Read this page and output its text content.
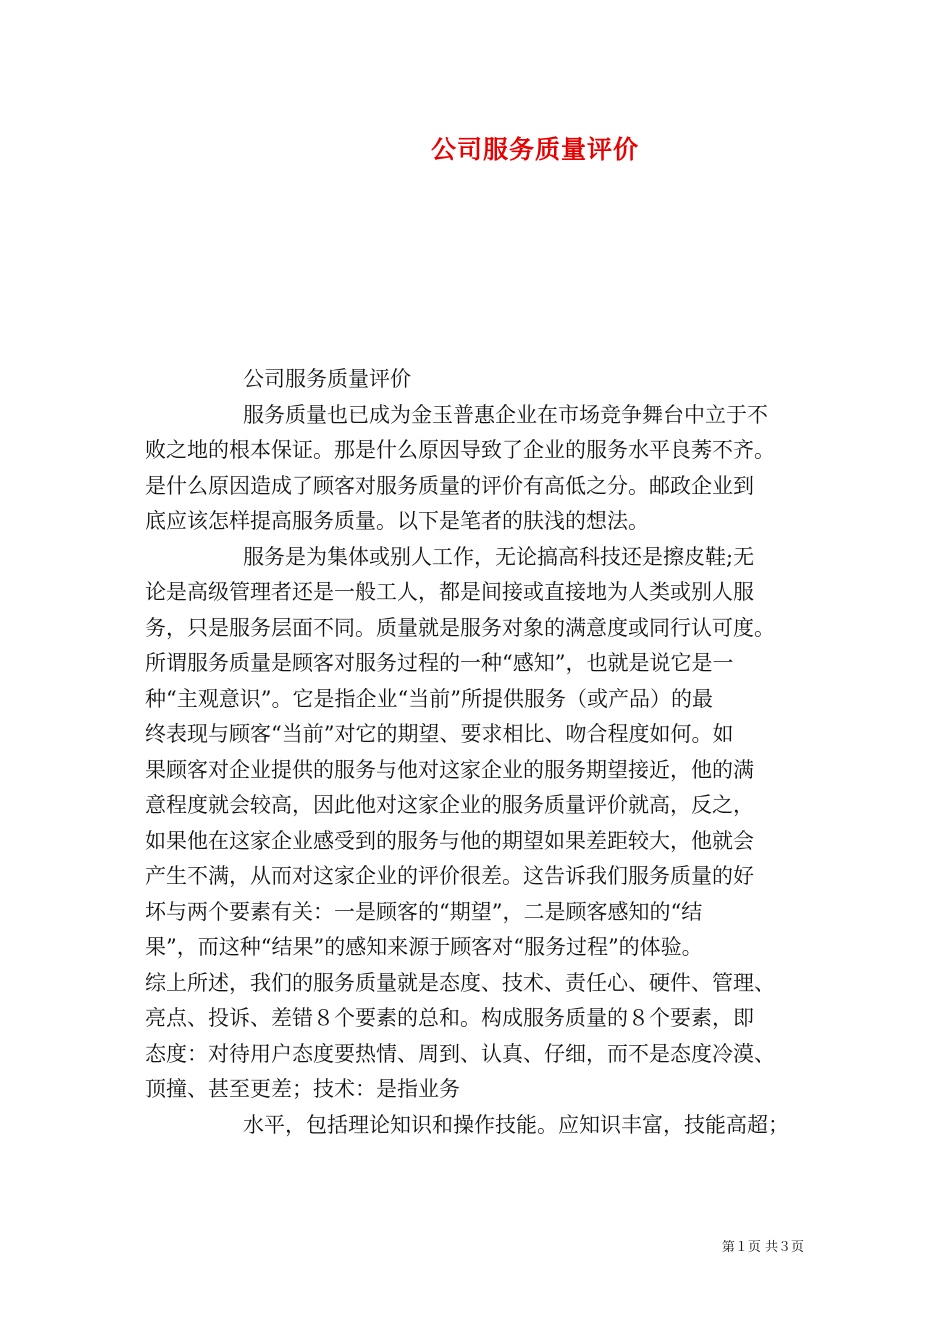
公司服务质量评价
公司服务质量评价
服务质量也已成为金玉普惠企业在市场竞争舞台中立于不
败之地的根本保证。那是什么原因导致了企业的服务水平良莠不齐。
是什么原因造成了顾客对服务质量的评价有高低之分。邮政企业到
底应该怎样提高服务质量。以下是笔者的肤浅的想法。
服务是为集体或别人工作，无论搞高科技还是擦皮鞋;无
论是高级管理者还是一般工人，都是间接或直接地为人类或别人服
务，只是服务层面不同。质量就是服务对象的满意度或同行认可度。
所谓服务质量是顾客对服务过程的一种“感知”，也就是说它是一
种“主观意识”。它是指企业“当前”所提供服务（或产品）的最
终表现与顾客“当前”对它的期望、要求相比、吻合程度如何。如
果顾客对企业提供的服务与他对这家企业的服务期望接近，他的满
意程度就会较高，因此他对这家企业的服务质量评价就高，反之，
如果他在这家企业感受到的服务与他的期望如果差距较大，他就会
产生不满，从而对这家企业的评价很差。这告诉我们服务质量的好
坏与两个要素有关：一是顾客的“期望”，二是顾客感知的“结
果”，而这种“结果”的感知来源于顾客对“服务过程”的体验。
综上所述，我们的服务质量就是态度、技术、责任心、硬件、管理、
亮点、投诉、差错８个要素的总和。构成服务质量的８个要素，即
态度：对待用户态度要热情、周到、认真、仔细，而不是态度冷漠、
顶撞、甚至更差；技术：是指业务
水平，包括理论知识和操作技能。应知识丰富，技能高超；
第１页 共３页
